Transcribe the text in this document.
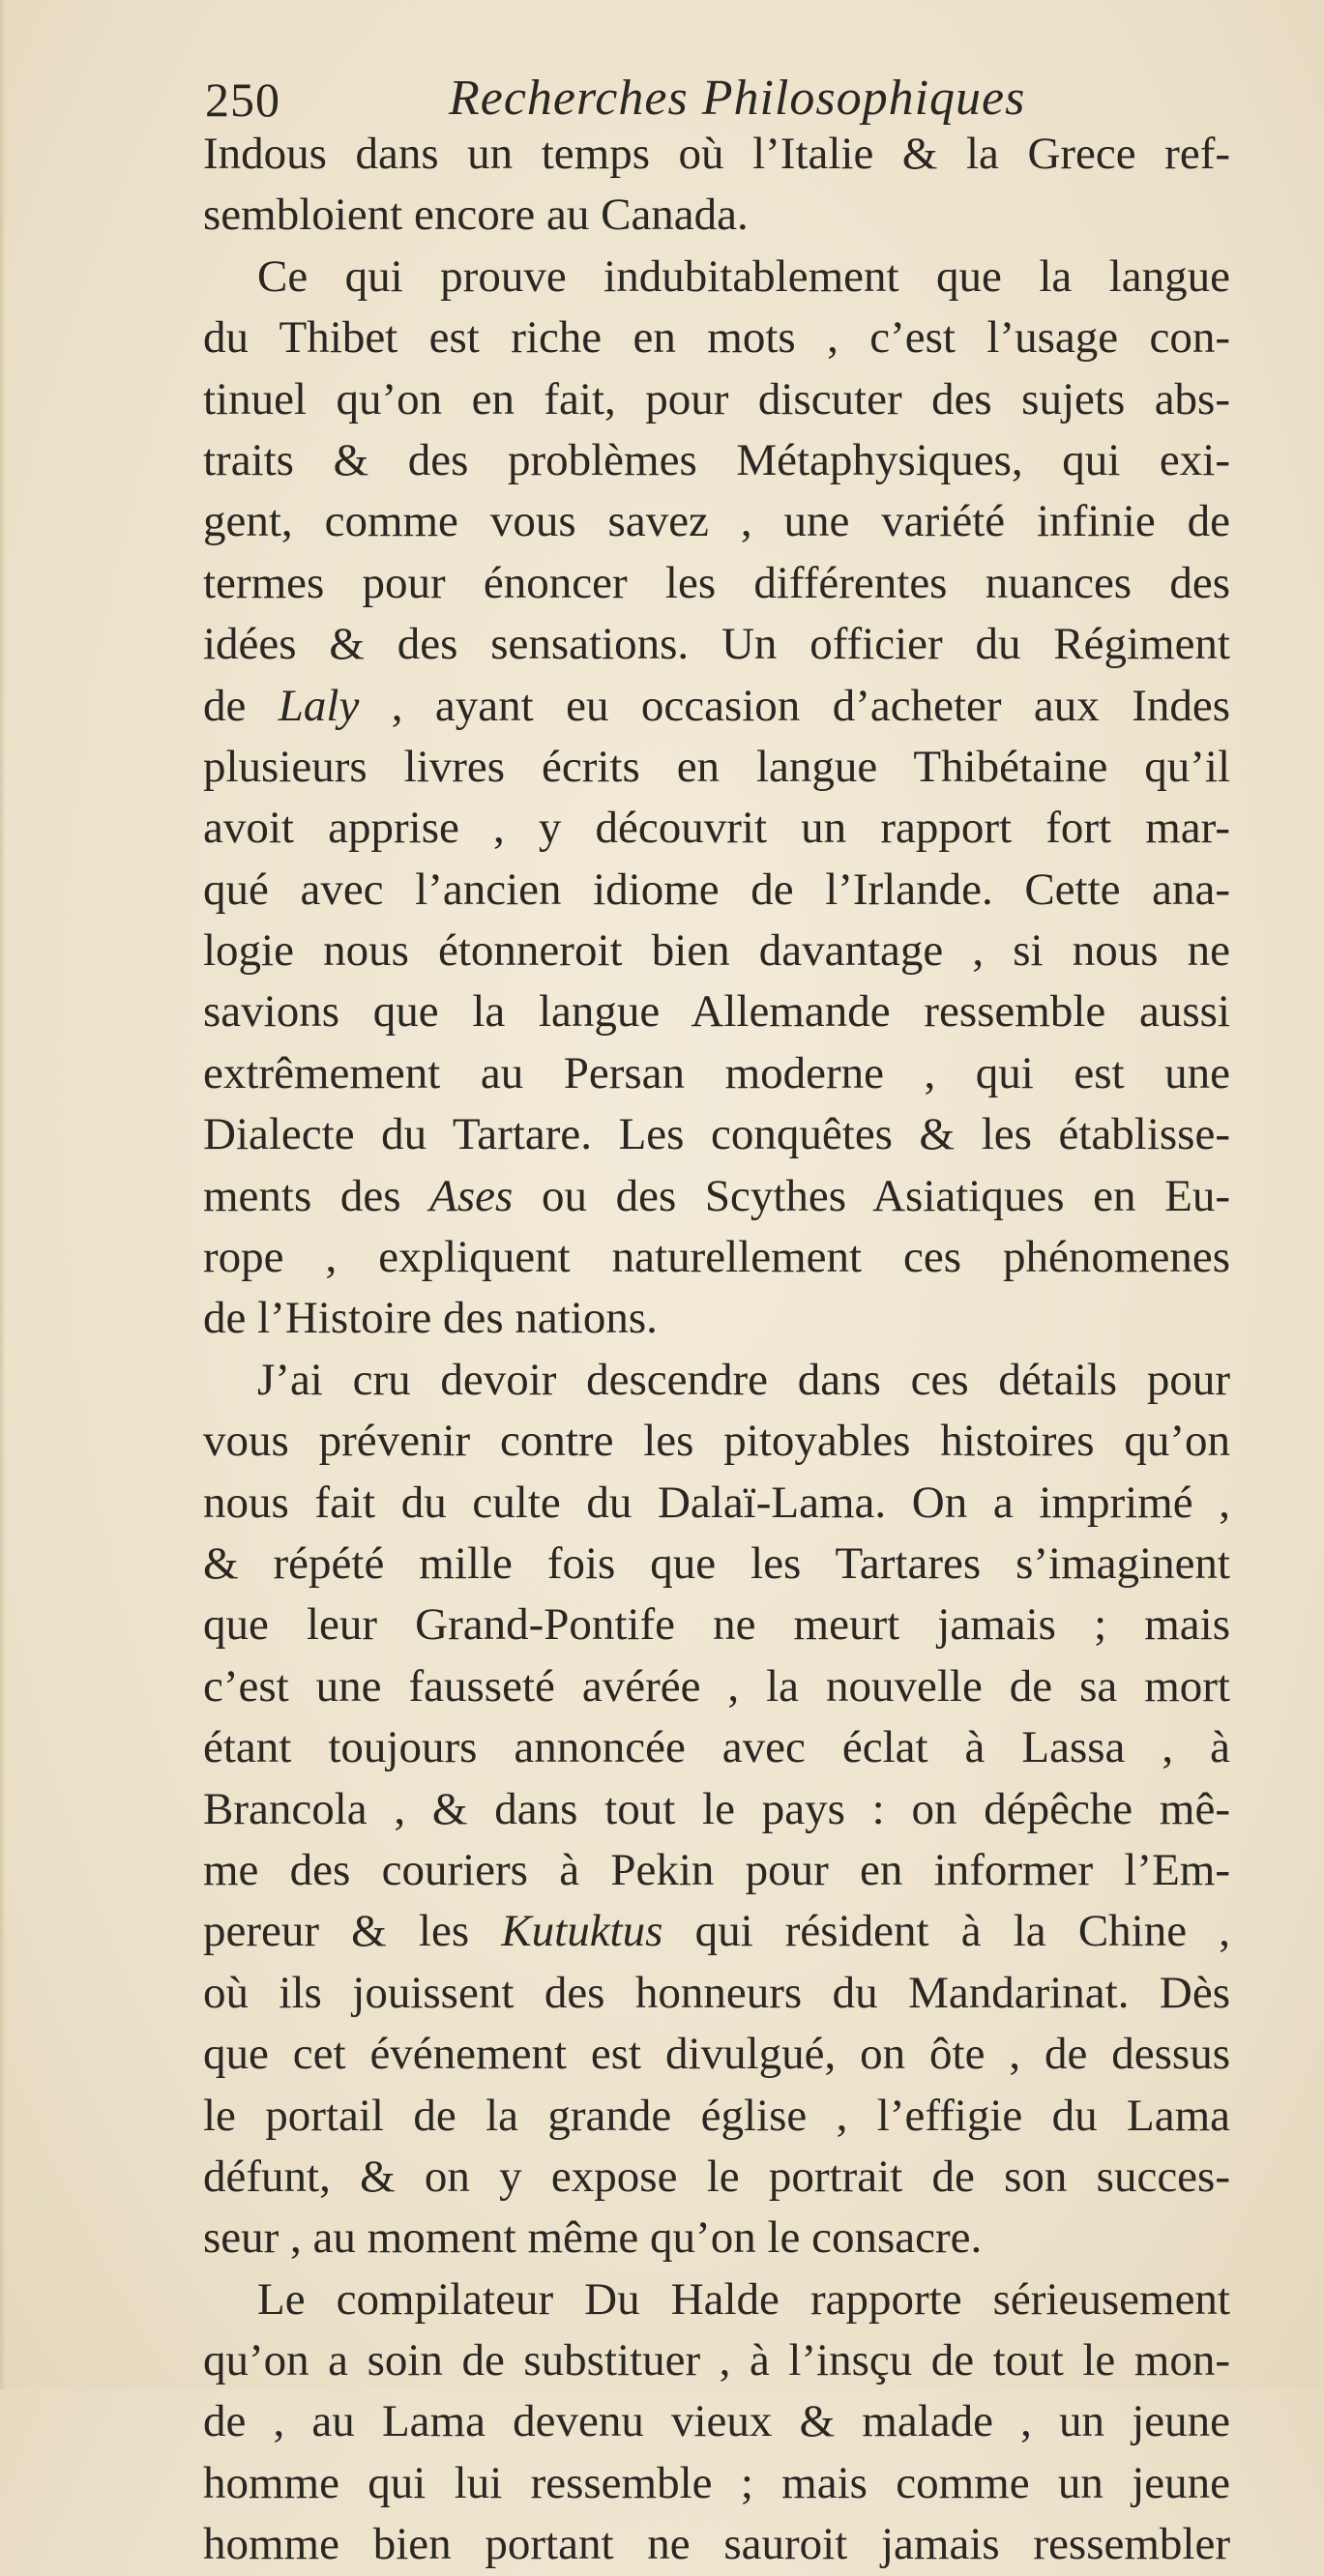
250	Recherches Philosophiques
Indous dans un temps où l’Italie & la Grece ref-
sembloient encore au Canada.
Ce qui prouve indubitablement que la langue
du Thibet est riche en mots , c’est l’usage con-
tinuel qu’on en fait, pour discuter des sujets abs-
traits & des problèmes Métaphysiques, qui exi-
gent, comme vous savez , une variété infinie de
termes pour énoncer les différentes nuances des
idées & des sensations. Un officier du Régiment
de Laly , ayant eu occasion d’acheter aux Indes
plusieurs livres écrits en langue Thibétaine qu’il
avoit apprise , y découvrit un rapport fort mar-
qué avec l’ancien idiome de l’Irlande. Cette ana-
logie nous étonneroit bien davantage , si nous ne
savions que la langue Allemande ressemble aussi
extrêmement au Persan moderne , qui est une
Dialecte du Tartare. Les conquêtes & les établisse-
ments des Ases ou des Scythes Asiatiques en Eu-
rope , expliquent naturellement ces phénomenes
de l’Histoire des nations.
J’ai cru devoir descendre dans ces détails pour
vous prévenir contre les pitoyables histoires qu’on
nous fait du culte du Dalaï-Lama. On a imprimé ,
& répété mille fois que les Tartares s’imaginent
que leur Grand-Pontife ne meurt jamais ; mais
c’est une fausseté avérée , la nouvelle de sa mort
étant toujours annoncée avec éclat à Lassa , à
Brancola , & dans tout le pays : on dépêche mê-
me des couriers à Pekin pour en informer l’Em-
pereur & les Kutuktus qui résident à la Chine ,
où ils jouissent des honneurs du Mandarinat. Dès
que cet événement est divulgué, on ôte , de dessus
le portail de la grande église , l’effigie du Lama
défunt, & on y expose le portrait de son succes-
seur , au moment même qu’on le consacre.
Le compilateur Du Halde rapporte sérieusement
qu’on a soin de substituer , à l’insçu de tout le mon-
de , au Lama devenu vieux & malade , un jeune
homme qui lui ressemble ; mais comme un jeune
homme bien portant ne sauroit jamais ressembler
